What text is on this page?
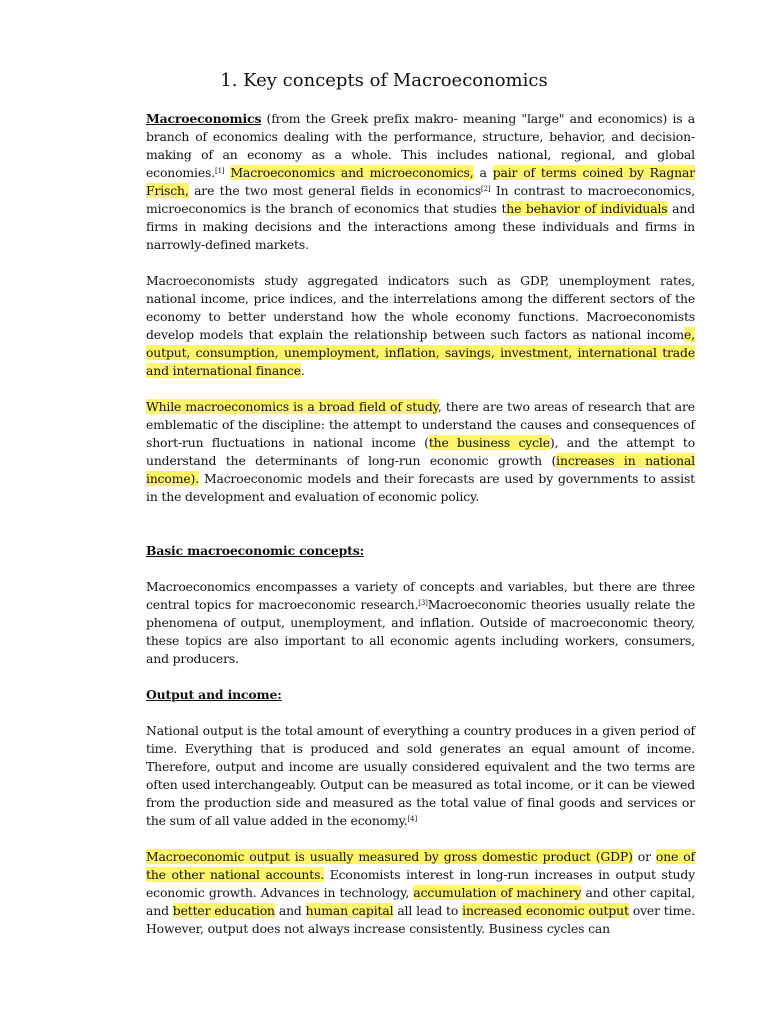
1. Key concepts of Macroeconomics

Macroeconomics (from the Greek prefix makro- meaning "large" and economics) is a branch of economics dealing with the performance, structure, behavior, and decision-making of an economy as a whole. This includes national, regional, and global economies.[1] Macroeconomics and microeconomics, a pair of terms coined by Ragnar Frisch, are the two most general fields in economics[2] In contrast to macroeconomics, microeconomics is the branch of economics that studies the behavior of individuals and firms in making decisions and the interactions among these individuals and firms in narrowly-defined markets.

Macroeconomists study aggregated indicators such as GDP, unemployment rates, national income, price indices, and the interrelations among the different sectors of the economy to better understand how the whole economy functions. Macroeconomists develop models that explain the relationship between such factors as national income, output, consumption, unemployment, inflation, savings, investment, international trade and international finance.

While macroeconomics is a broad field of study, there are two areas of research that are emblematic of the discipline: the attempt to understand the causes and consequences of short-run fluctuations in national income (the business cycle), and the attempt to understand the determinants of long-run economic growth (increases in national income). Macroeconomic models and their forecasts are used by governments to assist in the development and evaluation of economic policy.

Basic macroeconomic concepts:

Macroeconomics encompasses a variety of concepts and variables, but there are three central topics for macroeconomic research.[3]Macroeconomic theories usually relate the phenomena of output, unemployment, and inflation. Outside of macroeconomic theory, these topics are also important to all economic agents including workers, consumers, and producers.

Output and income:

National output is the total amount of everything a country produces in a given period of time. Everything that is produced and sold generates an equal amount of income. Therefore, output and income are usually considered equivalent and the two terms are often used interchangeably. Output can be measured as total income, or it can be viewed from the production side and measured as the total value of final goods and services or the sum of all value added in the economy.[4]

Macroeconomic output is usually measured by gross domestic product (GDP) or one of the other national accounts. Economists interest in long-run increases in output study economic growth. Advances in technology, accumulation of machinery and other capital, and better education and human capital all lead to increased economic output over time. However, output does not always increase consistently. Business cycles can
